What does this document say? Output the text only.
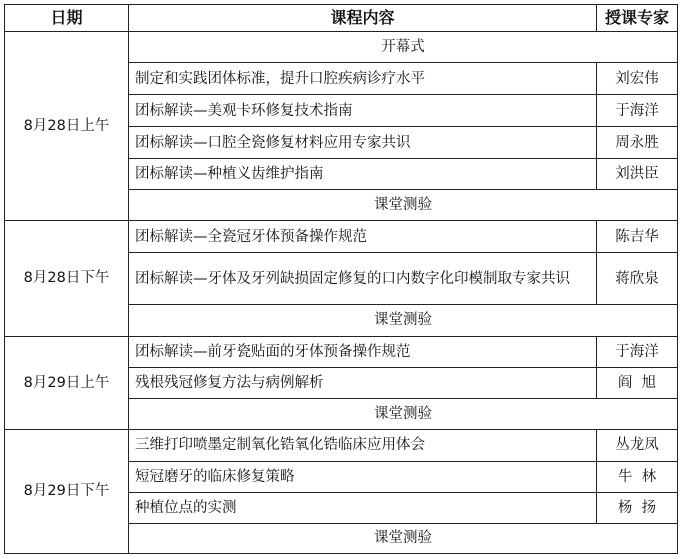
日期	课程内容	授课专家
8月28日上午	开幕式	
	制定和实践团体标准，提升口腔疾病诊疗水平	刘宏伟
	团标解读—美观卡环修复技术指南	于海洋
	团标解读—口腔全瓷修复材料应用专家共识	周永胜
	团标解读—种植义齿维护指南	刘洪臣
	课堂测验	
8月28日下午	团标解读—全瓷冠牙体预备操作规范	陈吉华
	团标解读—牙体及牙列缺损固定修复的口内数字化印模制取专家共识	蒋欣泉
	课堂测验	
8月29日上午	团标解读—前牙瓷贴面的牙体预备操作规范	于海洋
	残根残冠修复方法与病例解析	阎  旭
	课堂测验	
8月29日下午	三维打印喷墨定制氧化锆氧化锆临床应用体会	丛龙凤
	短冠磨牙的临床修复策略	牛  林
	种植位点的实测	杨  扬
	课堂测验	
